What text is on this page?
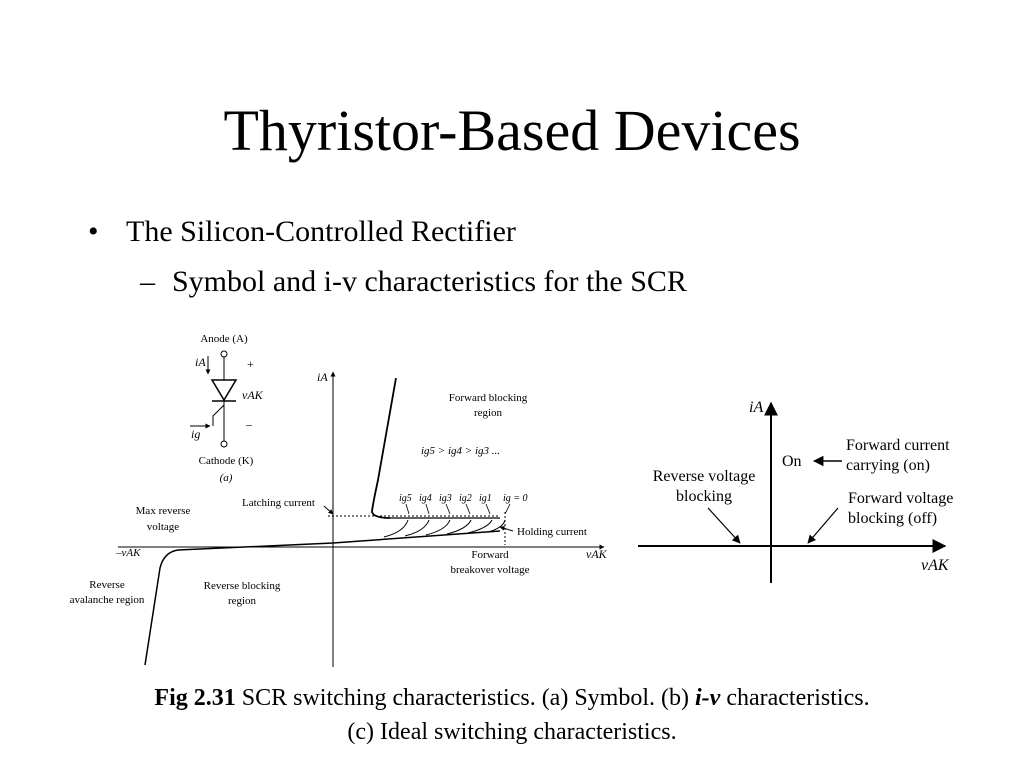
Thyristor-Based Devices
• The Silicon-Controlled Rectifier
– Symbol and i-v characteristics for the SCR
Anode (A)
iA	+
vAK
–
ig
Cathode (K)
(a)
iA
vAK
–vAK
Forward blocking
region
ig5 > ig4 > ig3 ...
ig5 ig4 ig3 ig2 ig1 ig = 0
Latching current
Holding current
Max reverse
voltage
Reverse
avalanche region
Reverse blocking
region
Forward
breakover voltage
iA
vAK
On
Forward current
carrying (on)
Reverse voltage
blocking	Forward voltage
blocking (off)
Fig 2.31 SCR switching characteristics. (a) Symbol. (b) i-v characteristics.
(c) Ideal switching characteristics.
